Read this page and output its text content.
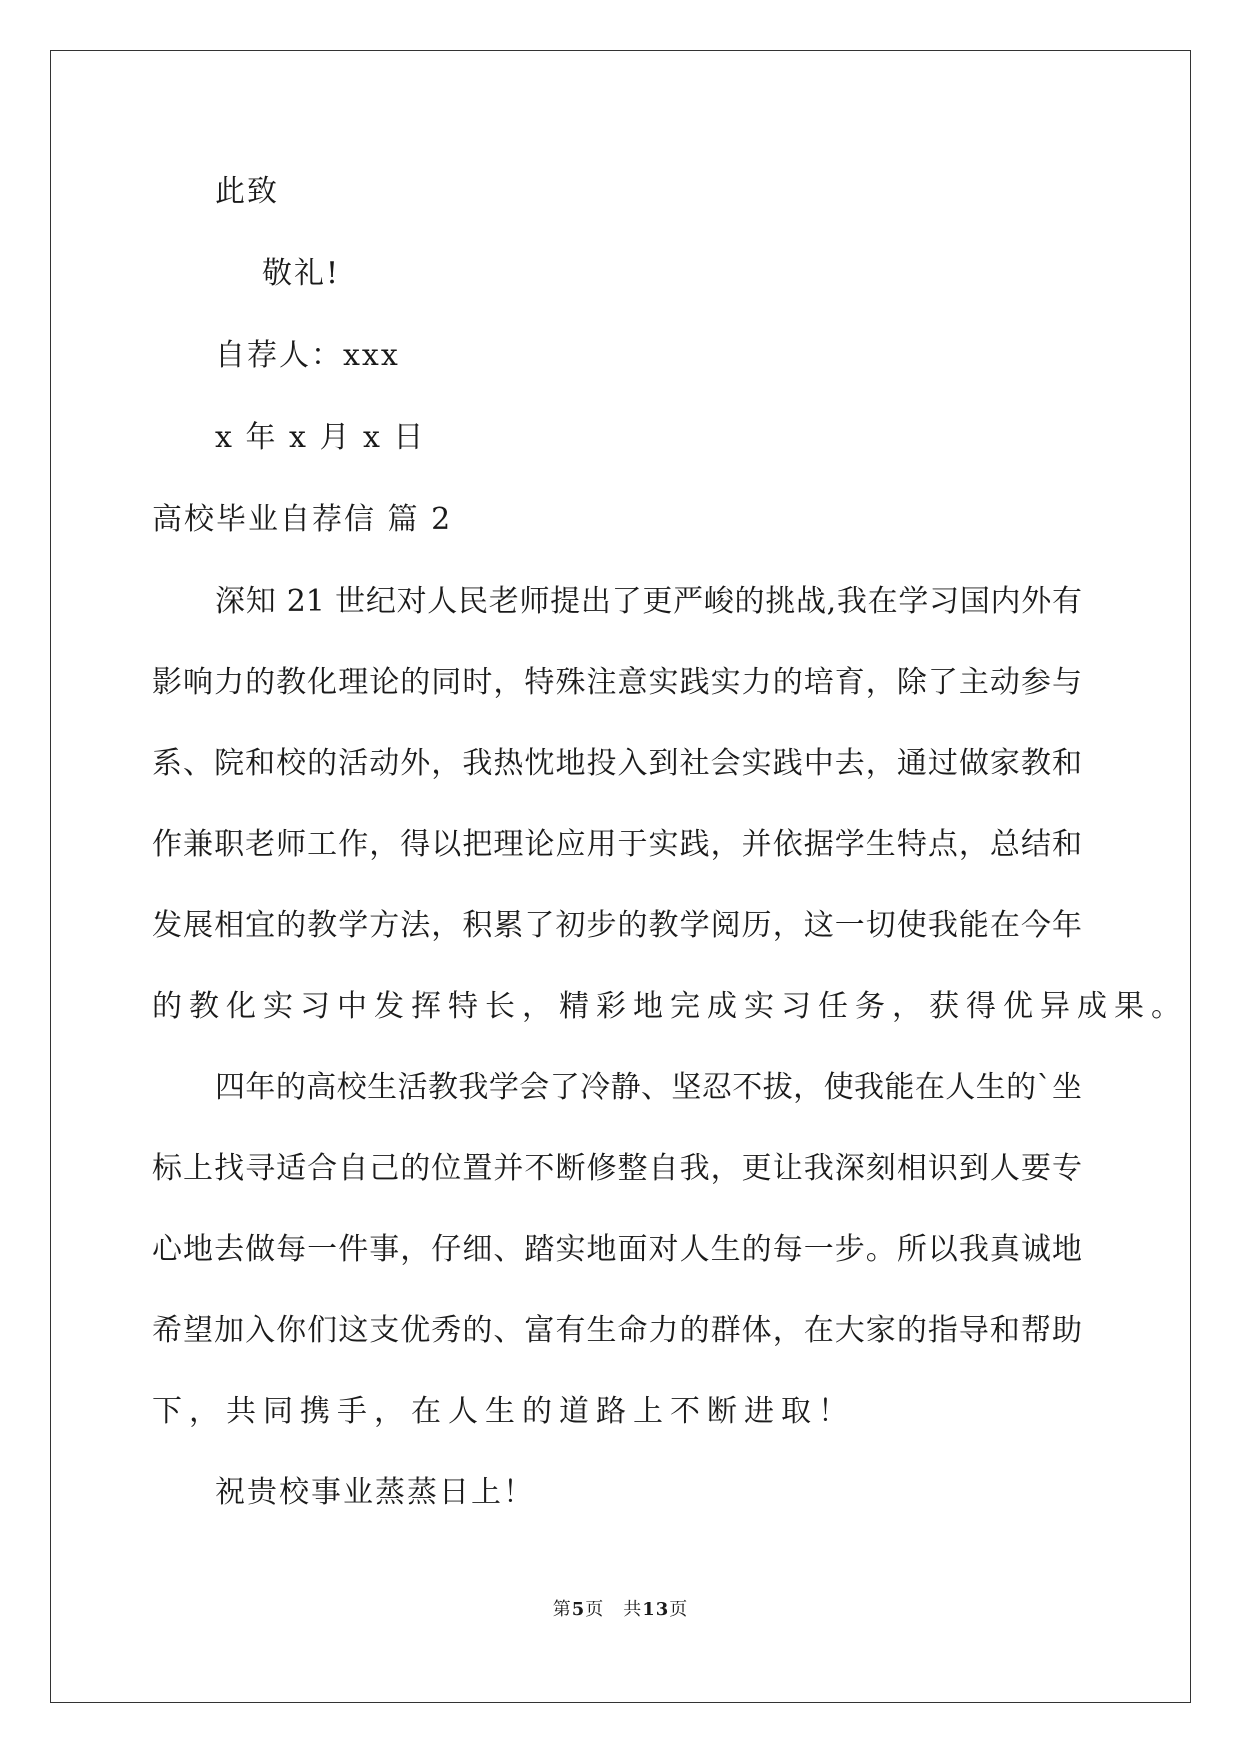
此致
敬礼!
自荐人：xxx
x 年 x 月 x 日
高校毕业自荐信 篇 2
深知 21 世纪对人民老师提出了更严峻的挑战,我在学习国内外有
影响力的教化理论的同时，特殊注意实践实力的培育，除了主动参与
系、院和校的活动外，我热忱地投入到社会实践中去，通过做家教和
作兼职老师工作，得以把理论应用于实践，并依据学生特点，总结和
发展相宜的教学方法，积累了初步的教学阅历，这一切使我能在今年
的教化实习中发挥特长，精彩地完成实习任务，获得优异成果。
四年的高校生活教我学会了冷静、坚忍不拔，使我能在人生的`坐
标上找寻适合自己的位置并不断修整自我，更让我深刻相识到人要专
心地去做每一件事，仔细、踏实地面对人生的每一步。所以我真诚地
希望加入你们这支优秀的、富有生命力的群体，在大家的指导和帮助
下，共同携手，在人生的道路上不断进取！
祝贵校事业蒸蒸日上！
第5页　共13页
